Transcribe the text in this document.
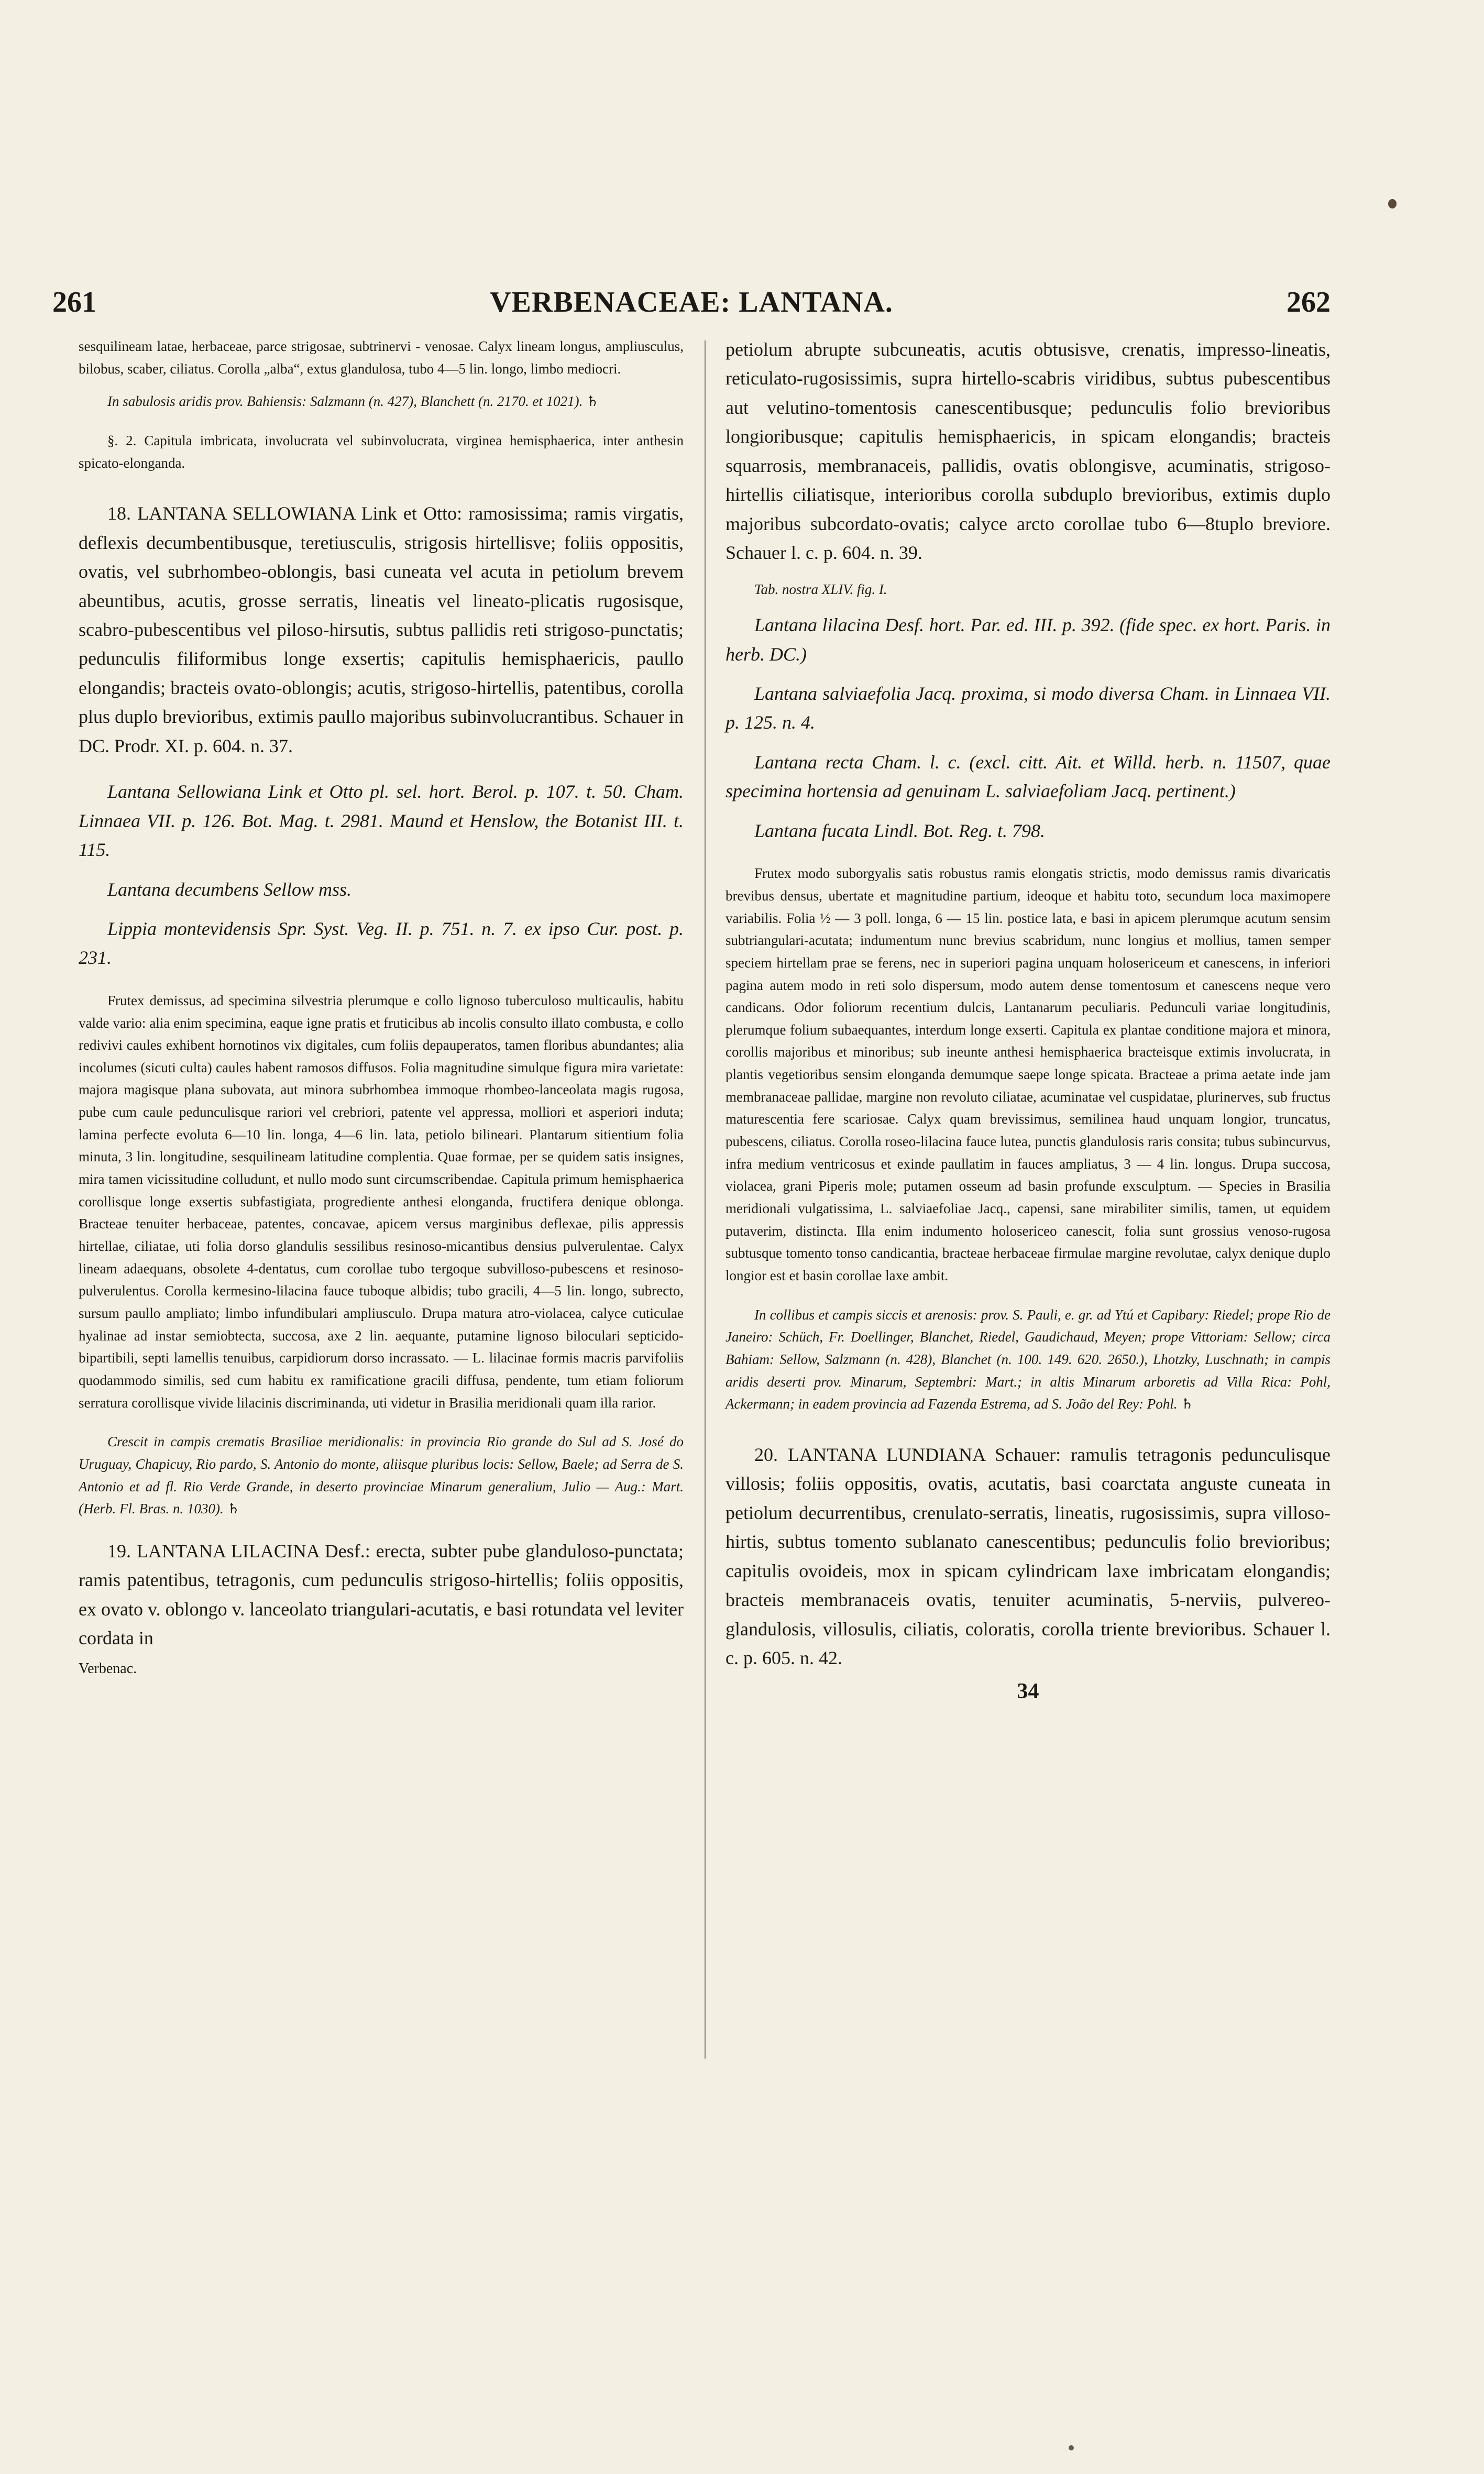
261	VERBENACEAE: LANTANA.	262

sesquilineam latae, herbaceae, parce strigosae, subtrinervi - venosae. Calyx lineam longus, ampliusculus, bilobus, scaber, ciliatus. Corolla „alba“, extus glandulosa, tubo 4—5 lin. longo, limbo mediocri.

In sabulosis aridis prov. Bahiensis: Salzmann (n. 427), Blanchett (n. 2170. et 1021). ♄

§. 2. Capitula imbricata, involucrata vel subinvolucrata, virginea hemisphaerica, inter anthesin spicato-elonganda.

18. LANTANA SELLOWIANA Link et Otto: ramosissima; ramis virgatis, deflexis decumbentibusque, teretiusculis, strigosis hirtellisve; foliis oppositis, ovatis, vel subrhombeo-oblongis, basi cuneata vel acuta in petiolum brevem abeuntibus, acutis, grosse serratis, lineatis vel lineato-plicatis rugosisque, scabro-pubescentibus vel piloso-hirsutis, subtus pallidis reti strigoso-punctatis; pedunculis filiformibus longe exsertis; capitulis hemisphaericis, paullo elongandis; bracteis ovato-oblongis; acutis, strigoso-hirtellis, patentibus, corolla plus duplo brevioribus, extimis paullo majoribus subinvolucrantibus. Schauer in DC. Prodr. XI. p. 604. n. 37.

Lantana Sellowiana Link et Otto pl. sel. hort. Berol. p. 107. t. 50. Cham. Linnaea VII. p. 126. Bot. Mag. t. 2981. Maund et Henslow, the Botanist III. t. 115.

Lantana decumbens Sellow mss.

Lippia montevidensis Spr. Syst. Veg. II. p. 751. n. 7. ex ipso Cur. post. p. 231.

Frutex demissus, ad specimina silvestria plerumque e collo lignoso tuberculoso multicaulis, habitu valde vario: alia enim specimina, eaque igne pratis et fruticibus ab incolis consulto illato combusta, e collo redivivi caules exhibent hornotinos vix digitales, cum foliis depauperatos, tamen floribus abundantes; alia incolumes (sicuti culta) caules habent ramosos diffusos. Folia magnitudine simulque figura mira varietate: majora magisque plana subovata, aut minora subrhombea immoque rhombeo-lanceolata magis rugosa, pube cum caule pedunculisque rariori vel crebriori, patente vel appressa, molliori et asperiori induta; lamina perfecte evoluta 6—10 lin. longa, 4—6 lin. lata, petiolo bilineari. Plantarum sitientium folia minuta, 3 lin. longitudine, sesquilineam latitudine complentia. Quae formae, per se quidem satis insignes, mira tamen vicissitudine colludunt, et nullo modo sunt circumscribendae. Capitula primum hemisphaerica corollisque longe exsertis subfastigiata, progrediente anthesi elonganda, fructifera denique oblonga. Bracteae tenuiter herbaceae, patentes, concavae, apicem versus marginibus deflexae, pilis appressis hirtellae, ciliatae, uti folia dorso glandulis sessilibus resinoso-micantibus densius pulverulentae. Calyx lineam adaequans, obsolete 4-dentatus, cum corollae tubo tergoque subvilloso-pubescens et resinoso-pulverulentus. Corolla kermesino-lilacina fauce tuboque albidis; tubo gracili, 4—5 lin. longo, subrecto, sursum paullo ampliato; limbo infundibulari ampliusculo. Drupa matura atro-violacea, calyce cuticulae hyalinae ad instar semiobtecta, succosa, axe 2 lin. aequante, putamine lignoso biloculari septicido-bipartibili, septi lamellis tenuibus, carpidiorum dorso incrassato. — L. lilacinae formis macris parvifoliis quodammodo similis, sed cum habitu ex ramificatione gracili diffusa, pendente, tum etiam foliorum serratura corollisque vivide lilacinis discriminanda, uti videtur in Brasilia meridionali quam illa rarior.

Crescit in campis crematis Brasiliae meridionalis: in provincia Rio grande do Sul ad S. José do Uruguay, Chapicuy, Rio pardo, S. Antonio do monte, aliisque pluribus locis: Sellow, Baele; ad Serra de S. Antonio et ad fl. Rio Verde Grande, in deserto provinciae Minarum generalium, Julio — Aug.: Mart. (Herb. Fl. Bras. n. 1030). ♄

19. LANTANA LILACINA Desf.: erecta, subter pube glanduloso-punctata; ramis patentibus, tetragonis, cum pedunculis strigoso-hirtellis; foliis oppositis, ex ovato v. oblongo v. lanceolato triangulari-acutatis, e basi rotundata vel leviter cordata in

Verbenac.

petiolum abrupte subcuneatis, acutis obtusisve, crenatis, impresso-lineatis, reticulato-rugosissimis, supra hirtello-scabris viridibus, subtus pubescentibus aut velutino-tomentosis canescentibusque; pedunculis folio brevioribus longioribusque; capitulis hemisphaericis, in spicam elongandis; bracteis squarrosis, membranaceis, pallidis, ovatis oblongisve, acuminatis, strigoso-hirtellis ciliatisque, interioribus corolla subduplo brevioribus, extimis duplo majoribus subcordato-ovatis; calyce arcto corollae tubo 6—8tuplo breviore. Schauer l. c. p. 604. n. 39.

Tab. nostra XLIV. fig. I.

Lantana lilacina Desf. hort. Par. ed. III. p. 392. (fide spec. ex hort. Paris. in herb. DC.)

Lantana salviaefolia Jacq. proxima, si modo diversa Cham. in Linnaea VII. p. 125. n. 4.

Lantana recta Cham. l. c. (excl. citt. Ait. et Willd. herb. n. 11507, quae specimina hortensia ad genuinam L. salviaefoliam Jacq. pertinent.)

Lantana fucata Lindl. Bot. Reg. t. 798.

Frutex modo suborgyalis satis robustus ramis elongatis strictis, modo demissus ramis divaricatis brevibus densus, ubertate et magnitudine partium, ideoque et habitu toto, secundum loca maximopere variabilis. Folia ½ — 3 poll. longa, 6 — 15 lin. postice lata, e basi in apicem plerumque acutum sensim subtriangulari-acutata; indumentum nunc brevius scabridum, nunc longius et mollius, tamen semper speciem hirtellam prae se ferens, nec in superiori pagina unquam holosericeum et canescens, in inferiori pagina autem modo in reti solo dispersum, modo autem dense tomentosum et canescens neque vero candicans. Odor foliorum recentium dulcis, Lantanarum peculiaris. Pedunculi variae longitudinis, plerumque folium subaequantes, interdum longe exserti. Capitula ex plantae conditione majora et minora, corollis majoribus et minoribus; sub ineunte anthesi hemisphaerica bracteisque extimis involucrata, in plantis vegetioribus sensim elonganda demumque saepe longe spicata. Bracteae a prima aetate inde jam membranaceae pallidae, margine non revoluto ciliatae, acuminatae vel cuspidatae, plurinerves, sub fructus maturescentia fere scariosae. Calyx quam brevissimus, semilinea haud unquam longior, truncatus, pubescens, ciliatus. Corolla roseo-lilacina fauce lutea, punctis glandulosis raris consita; tubus subincurvus, infra medium ventricosus et exinde paullatim in fauces ampliatus, 3 — 4 lin. longus. Drupa succosa, violacea, grani Piperis mole; putamen osseum ad basin profunde exsculptum. — Species in Brasilia meridionali vulgatissima, L. salviaefoliae Jacq., capensi, sane mirabiliter similis, tamen, ut equidem putaverim, distincta. Illa enim indumento holosericeo canescit, folia sunt grossius venoso-rugosa subtusque tomento tonso candicantia, bracteae herbaceae firmulae margine revolutae, calyx denique duplo longior est et basin corollae laxe ambit.

In collibus et campis siccis et arenosis: prov. S. Pauli, e. gr. ad Ytú et Capibary: Riedel; prope Rio de Janeiro: Schüch, Fr. Doellinger, Blanchet, Riedel, Gaudichaud, Meyen; prope Vittoriam: Sellow; circa Bahiam: Sellow, Salzmann (n. 428), Blanchet (n. 100. 149. 620. 2650.), Lhotzky, Luschnath; in campis aridis deserti prov. Minarum, Septembri: Mart.; in altis Minarum arboretis ad Villa Rica: Pohl, Ackermann; in eadem provincia ad Fazenda Estrema, ad S. João del Rey: Pohl. ♄

20. LANTANA LUNDIANA Schauer: ramulis tetragonis pedunculisque villosis; foliis oppositis, ovatis, acutatis, basi coarctata anguste cuneata in petiolum decurrentibus, crenulato-serratis, lineatis, rugosissimis, supra villoso-hirtis, subtus tomento sublanato canescentibus; pedunculis folio brevioribus; capitulis ovoideis, mox in spicam cylindricam laxe imbricatam elongandis; bracteis membranaceis ovatis, tenuiter acuminatis, 5-nerviis, pulvereo-glandulosis, villosulis, ciliatis, coloratis, corolla triente brevioribus. Schauer l. c. p. 605. n. 42.

34
